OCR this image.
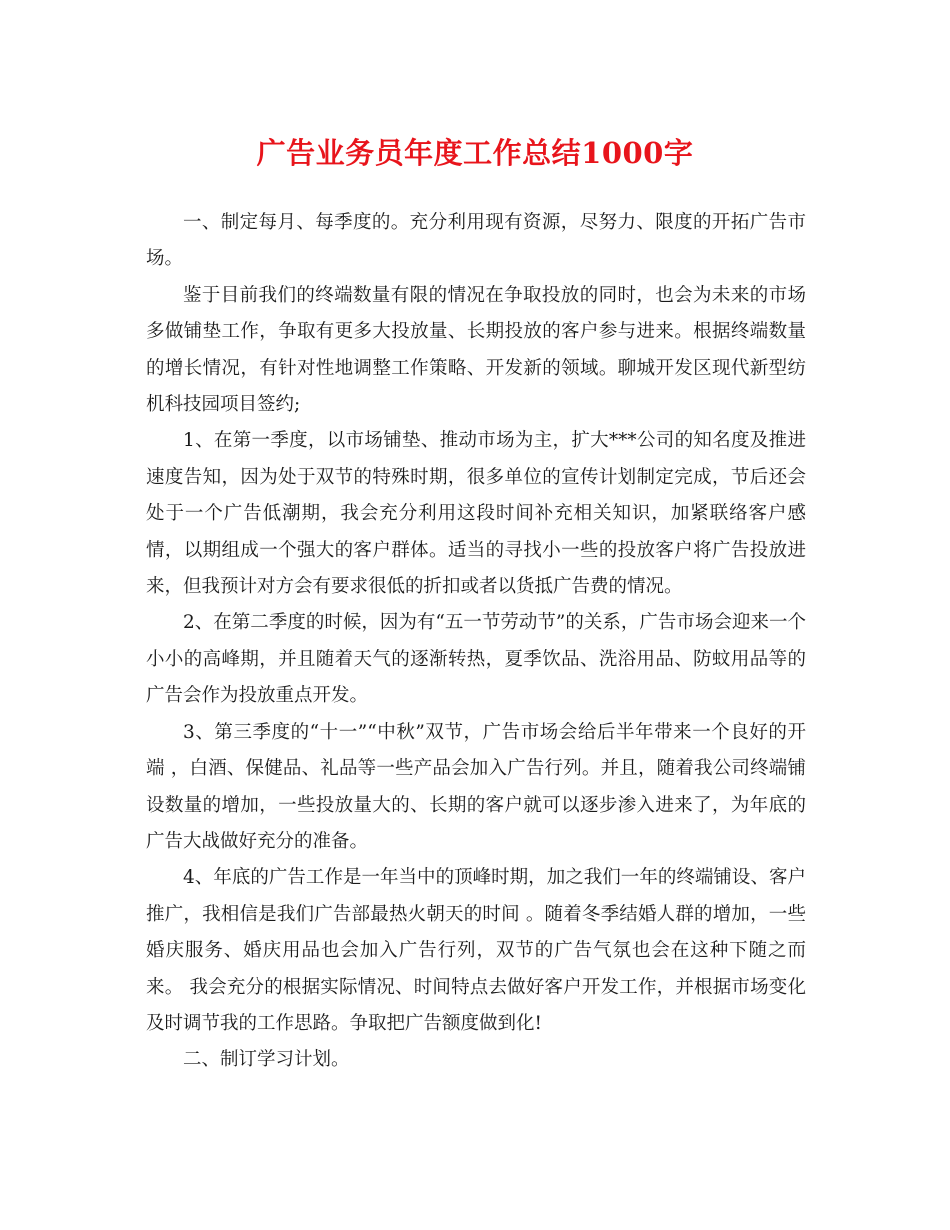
广告业务员年度工作总结1000字

一、制定每月、每季度的。充分利用现有资源，尽努力、限度的开拓广告市场。

鉴于目前我们的终端数量有限的情况在争取投放的同时，也会为未来的市场多做铺垫工作，争取有更多大投放量、长期投放的客户参与进来。根据终端数量的增长情况，有针对性地调整工作策略、开发新的领域。聊城开发区现代新型纺机科技园项目签约;

1、在第一季度，以市场铺垫、推动市场为主，扩大***公司的知名度及推进速度告知，因为处于双节的特殊时期，很多单位的宣传计划制定完成，节后还会处于一个广告低潮期，我会充分利用这段时间补充相关知识，加紧联络客户感情，以期组成一个强大的客户群体。适当的寻找小一些的投放客户将广告投放进来，但我预计对方会有要求很低的折扣或者以货抵广告费的情况。

2、在第二季度的时候，因为有“五一节劳动节”的关系，广告市场会迎来一个小小的高峰期，并且随着天气的逐渐转热，夏季饮品、洗浴用品、防蚊用品等的广告会作为投放重点开发。

3、第三季度的“十一”“中秋”双节，广告市场会给后半年带来一个良好的开端 ，白酒、保健品、礼品等一些产品会加入广告行列。并且，随着我公司终端铺设数量的增加，一些投放量大的、长期的客户就可以逐步渗入进来了，为年底的广告大战做好充分的准备。

4、年底的广告工作是一年当中的顶峰时期，加之我们一年的终端铺设、客户推广，我相信是我们广告部最热火朝天的时间 。随着冬季结婚人群的增加，一些婚庆服务、婚庆用品也会加入广告行列，双节的广告气氛也会在这种下随之而来。 我会充分的根据实际情况、时间特点去做好客户开发工作，并根据市场变化及时调节我的工作思路。争取把广告额度做到化!

二、制订学习计划。
